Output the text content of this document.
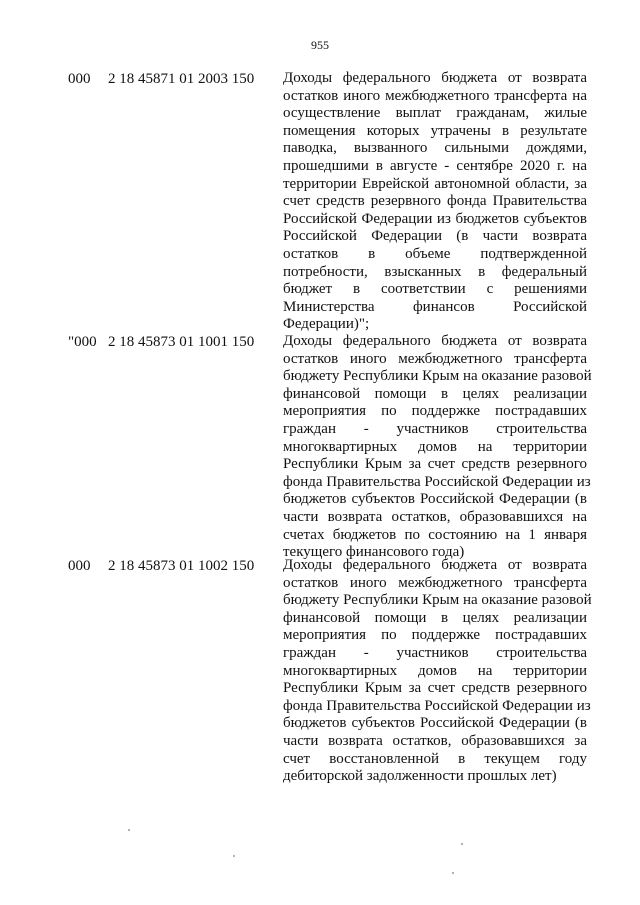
955
000 2 18 45871 01 2003 150 Доходы федерального бюджета от возврата
остатков иного межбюджетного трансферта на
осуществление выплат гражданам, жилые
помещения которых утрачены в результате
паводка, вызванного сильными дождями,
прошедшими в августе - сентябре 2020 г. на
территории Еврейской автономной области, за
счет средств резервного фонда Правительства
Российской Федерации из бюджетов субъектов
Российской Федерации (в части возврата
остатков в объеме подтвержденной
потребности, взысканных в федеральный
бюджет в соответствии с решениями
Министерства финансов Российской
Федерации)";
"000 2 18 45873 01 1001 150 Доходы федерального бюджета от возврата
остатков иного межбюджетного трансферта
бюджету Республики Крым на оказание разовой
финансовой помощи в целях реализации
мероприятия по поддержке пострадавших
граждан - участников строительства
многоквартирных домов на территории
Республики Крым за счет средств резервного
фонда Правительства Российской Федерации из
бюджетов субъектов Российской Федерации (в
части возврата остатков, образовавшихся на
счетах бюджетов по состоянию на 1 января
текущего финансового года)
000 2 18 45873 01 1002 150 Доходы федерального бюджета от возврата
остатков иного межбюджетного трансферта
бюджету Республики Крым на оказание разовой
финансовой помощи в целях реализации
мероприятия по поддержке пострадавших
граждан - участников строительства
многоквартирных домов на территории
Республики Крым за счет средств резервного
фонда Правительства Российской Федерации из
бюджетов субъектов Российской Федерации (в
части возврата остатков, образовавшихся за
счет восстановленной в текущем году
дебиторской задолженности прошлых лет)
